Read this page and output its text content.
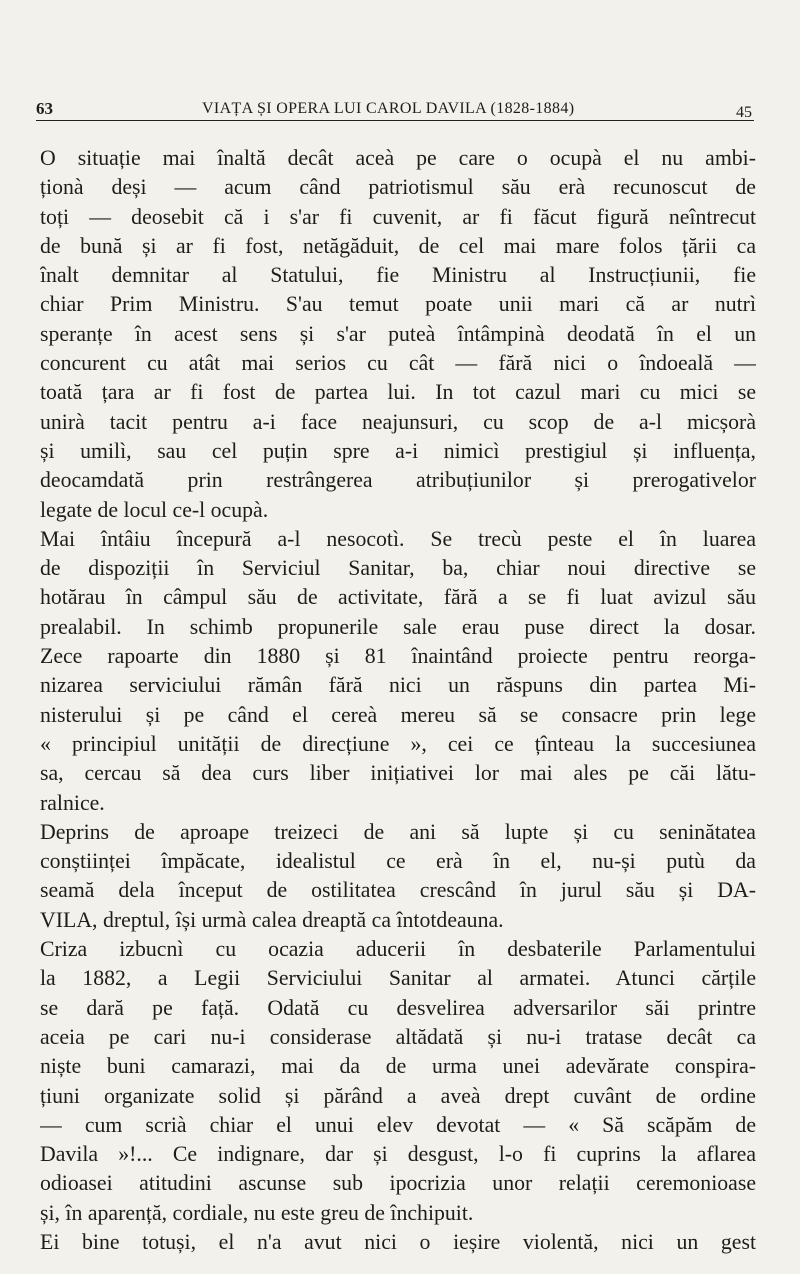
63	VIAȚA ȘI OPERA LUI CAROL DAVILA (1828-1884)	45
O situație mai înaltă decât aceà pe care o ocupà el nu ambi-
ționà deși — acum când patriotismul său erà recunoscut de
toți — deosebit că i s'ar fi cuvenit, ar fi făcut figură neîntrecut
de bună și ar fi fost, netăgăduit, de cel mai mare folos țării ca
înalt demnitar al Statului, fie Ministru al Instrucțiunii, fie
chiar Prim Ministru. S'au temut poate unii mari că ar nutrì
speranțe în acest sens și s'ar puteà întâmpinà deodată în el un
concurent cu atât mai serios cu cât — fără nici o îndoeală —
toată țara ar fi fost de partea lui. In tot cazul mari cu mici se
unirà tacit pentru a-i face neajunsuri, cu scop de a-l micșorà
și umilì, sau cel puțin spre a-i nimicì prestigiul și influența,
deocamdată prin restrângerea atribuțiunilor și prerogativelor
legate de locul ce-l ocupà.
Mai întâiu începură a-l nesocotì. Se trecù peste el în luarea
de dispoziții în Serviciul Sanitar, ba, chiar noui directive se
hotărau în câmpul său de activitate, fără a se fi luat avizul său
prealabil. In schimb propunerile sale erau puse direct la dosar.
Zece rapoarte din 1880 și 81 înaintând proiecte pentru reorga-
nizarea serviciului rămân fără nici un răspuns din partea Mi-
nisterului și pe când el cereà mereu să se consacre prin lege
« principiul unității de direcțiune », cei ce țînteau la succesiunea
sa, cercau să dea curs liber inițiativei lor mai ales pe căi lătu-
ralnice.
Deprins de aproape treizeci de ani să lupte și cu seninătatea
conștiinței împăcate, idealistul ce erà în el, nu-și putù da
seamă dela început de ostilitatea crescând în jurul său și DA-
VILA, dreptul, își urmà calea dreaptă ca întotdeauna.
Criza izbucnì cu ocazia aducerii în desbaterile Parlamentului
la 1882, a Legii Serviciului Sanitar al armatei. Atunci cărțile
se dară pe față. Odată cu desvelirea adversarilor săi printre
aceia pe cari nu-i considerase altădată și nu-i tratase decât ca
niște buni camarazi, mai da de urma unei adevărate conspira-
țiuni organizate solid și părând a aveà drept cuvânt de ordine
— cum scrià chiar el unui elev devotat — « Să scăpăm de
Davila »!... Ce indignare, dar și desgust, l-o fi cuprins la aflarea
odioasei atitudini ascunse sub ipocrizia unor relații ceremonioase
și, în aparență, cordiale, nu este greu de închipuit.
Ei bine totuși, el n'a avut nici o ieșire violentă, nici un gest
